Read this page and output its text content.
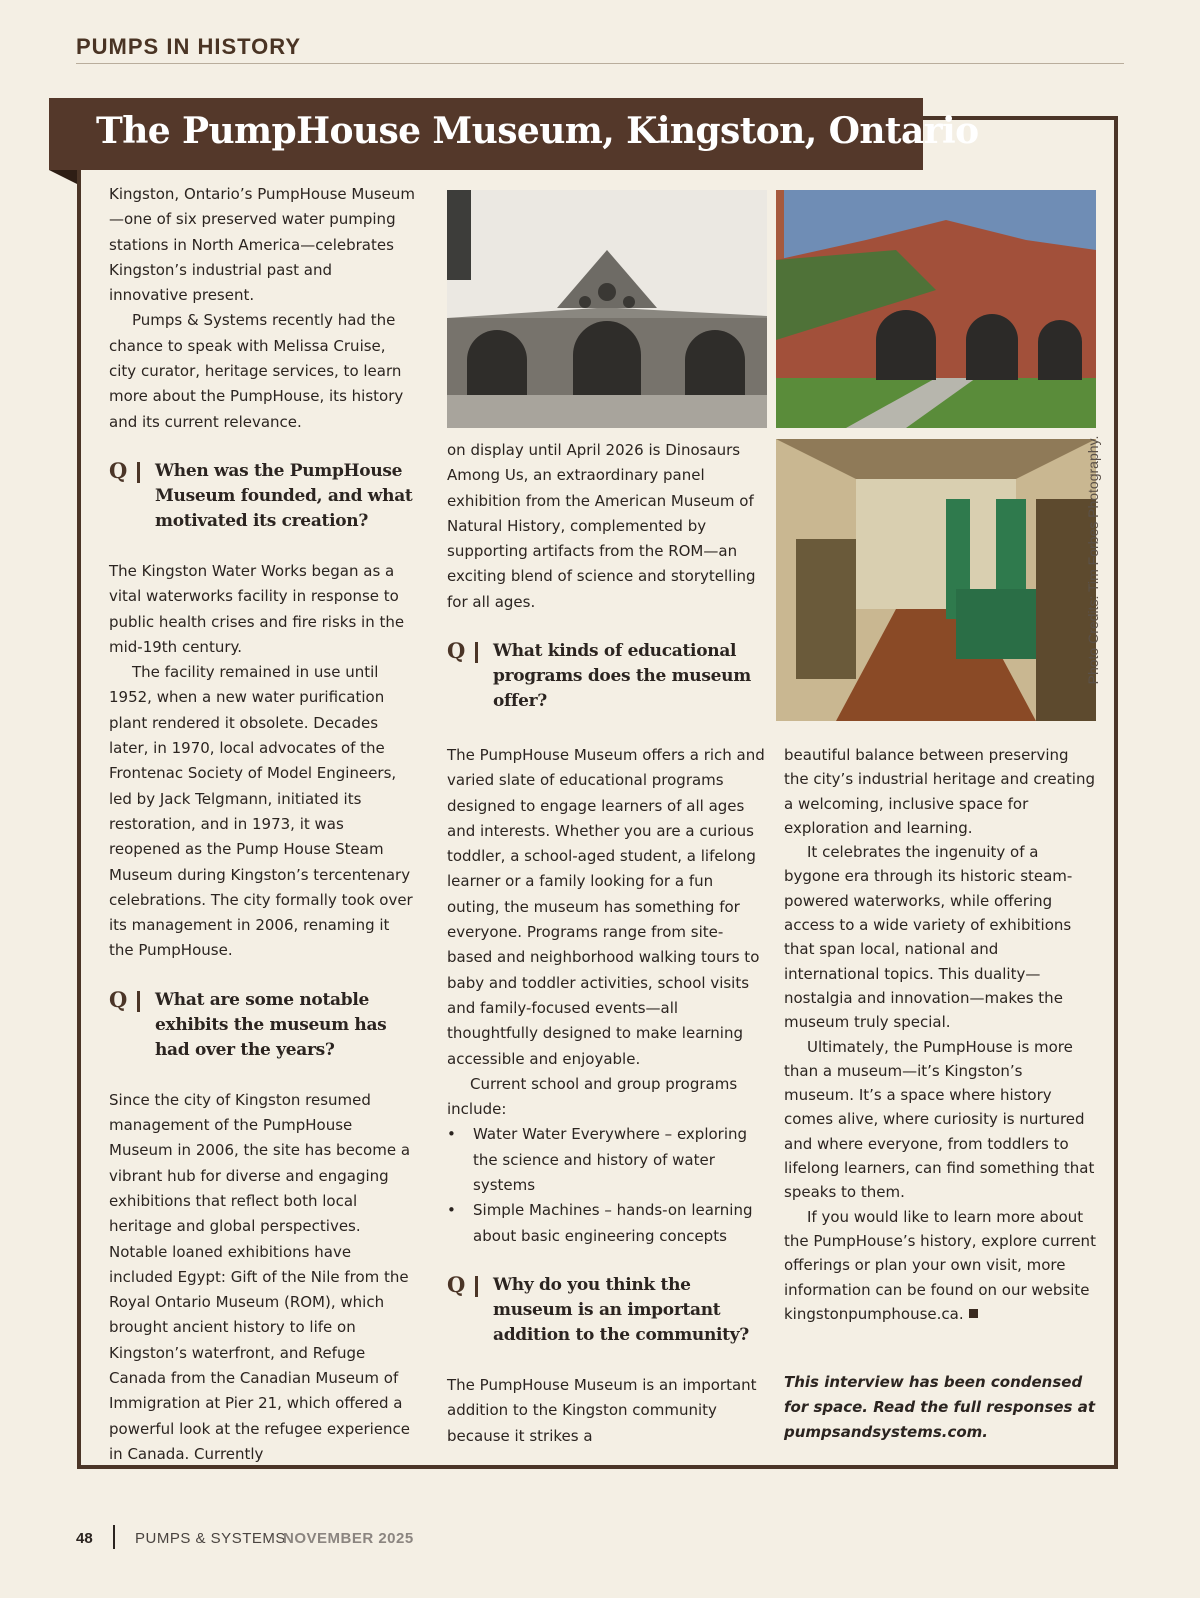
PUMPS IN HISTORY
The PumpHouse Museum, Kingston, Ontario

Kingston, Ontario’s PumpHouse Museum—one of six preserved water pumping stations in North America—celebrates Kingston’s industrial past and innovative present.

Pumps & Systems recently had the chance to speak with Melissa Cruise, city curator, heritage services, to learn more about the PumpHouse, its history and its current relevance.

Q When was the PumpHouse Museum founded, and what motivated its creation?

The Kingston Water Works began as a vital waterworks facility in response to public health crises and fire risks in the mid-19th century.

The facility remained in use until 1952, when a new water purification plant rendered it obsolete. Decades later, in 1970, local advocates of the Frontenac Society of Model Engineers, led by Jack Telgmann, initiated its restoration, and in 1973, it was reopened as the Pump House Steam Museum during Kingston’s tercentenary celebrations. The city formally took over its management in 2006, renaming it the PumpHouse.

Q What are some notable exhibits the museum has had over the years?

Since the city of Kingston resumed management of the PumpHouse Museum in 2006, the site has become a vibrant hub for diverse and engaging exhibitions that reflect both local heritage and global perspectives. Notable loaned exhibitions have included Egypt: Gift of the Nile from the Royal Ontario Museum (ROM), which brought ancient history to life on Kingston’s waterfront, and Refuge Canada from the Canadian Museum of Immigration at Pier 21, which offered a powerful look at the refugee experience in Canada. Currently

Photo Credits: Tim Forbes Photography.

on display until April 2026 is Dinosaurs Among Us, an extraordinary panel exhibition from the American Museum of Natural History, complemented by supporting artifacts from the ROM—an exciting blend of science and storytelling for all ages.

Q What kinds of educational programs does the museum offer?

The PumpHouse Museum offers a rich and varied slate of educational programs designed to engage learners of all ages and interests. Whether you are a curious toddler, a school-aged student, a lifelong learner or a family looking for a fun outing, the museum has something for everyone. Programs range from site-based and neighborhood walking tours to baby and toddler activities, school visits and family-focused events—all thoughtfully designed to make learning accessible and enjoyable.

Current school and group programs include:

• Water Water Everywhere – exploring the science and history of water systems
• Simple Machines – hands-on learning about basic engineering concepts
Q Why do you think the museum is an important addition to the community?

The PumpHouse Museum is an important addition to the Kingston community because it strikes a

beautiful balance between preserving the city’s industrial heritage and creating a welcoming, inclusive space for exploration and learning.

It celebrates the ingenuity of a bygone era through its historic steam-powered waterworks, while offering access to a wide variety of exhibitions that span local, national and international topics. This duality—nostalgia and innovation—makes the museum truly special.

Ultimately, the PumpHouse is more than a museum—it’s Kingston’s museum. It’s a space where history comes alive, where curiosity is nurtured and where everyone, from toddlers to lifelong learners, can find something that speaks to them.

If you would like to learn more about the PumpHouse’s history, explore current offerings or plan your own visit, more information can be found on our website kingstonpumphouse.ca.

This interview has been condensed for space. Read the full responses at pumpsandsystems.com.

48	PUMPS & SYSTEMS
NOVEMBER 2025
